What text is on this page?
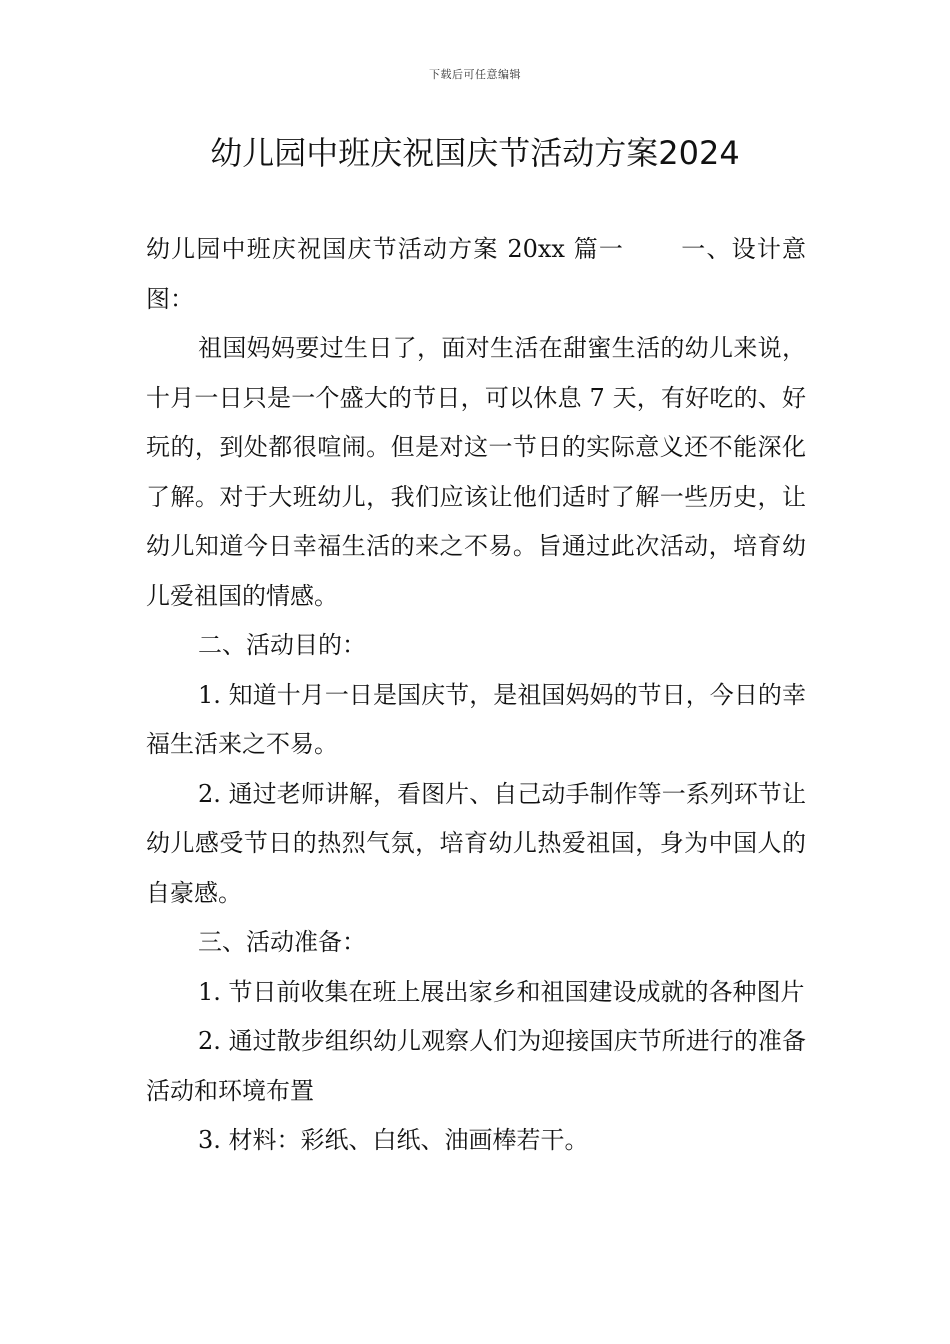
下载后可任意编辑
幼儿园中班庆祝国庆节活动方案2024

幼儿园中班庆祝国庆节活动方案 20xx 篇一 一、设计意图：

祖国妈妈要过生日了，面对生活在甜蜜生活的幼儿来说，十月一日只是一个盛大的节日，可以休息 7 天，有好吃的、好玩的，到处都很喧闹。但是对这一节日的实际意义还不能深化了解。对于大班幼儿，我们应该让他们适时了解一些历史，让幼儿知道今日幸福生活的来之不易。旨通过此次活动，培育幼儿爱祖国的情感。

二、活动目的：

1. 知道十月一日是国庆节，是祖国妈妈的节日，今日的幸福生活来之不易。

2. 通过老师讲解，看图片、自己动手制作等一系列环节让幼儿感受节日的热烈气氛，培育幼儿热爱祖国，身为中国人的自豪感。

三、活动准备：

1. 节日前收集在班上展出家乡和祖国建设成就的各种图片

2. 通过散步组织幼儿观察人们为迎接国庆节所进行的准备活动和环境布置

3. 材料：彩纸、白纸、油画棒若干。
